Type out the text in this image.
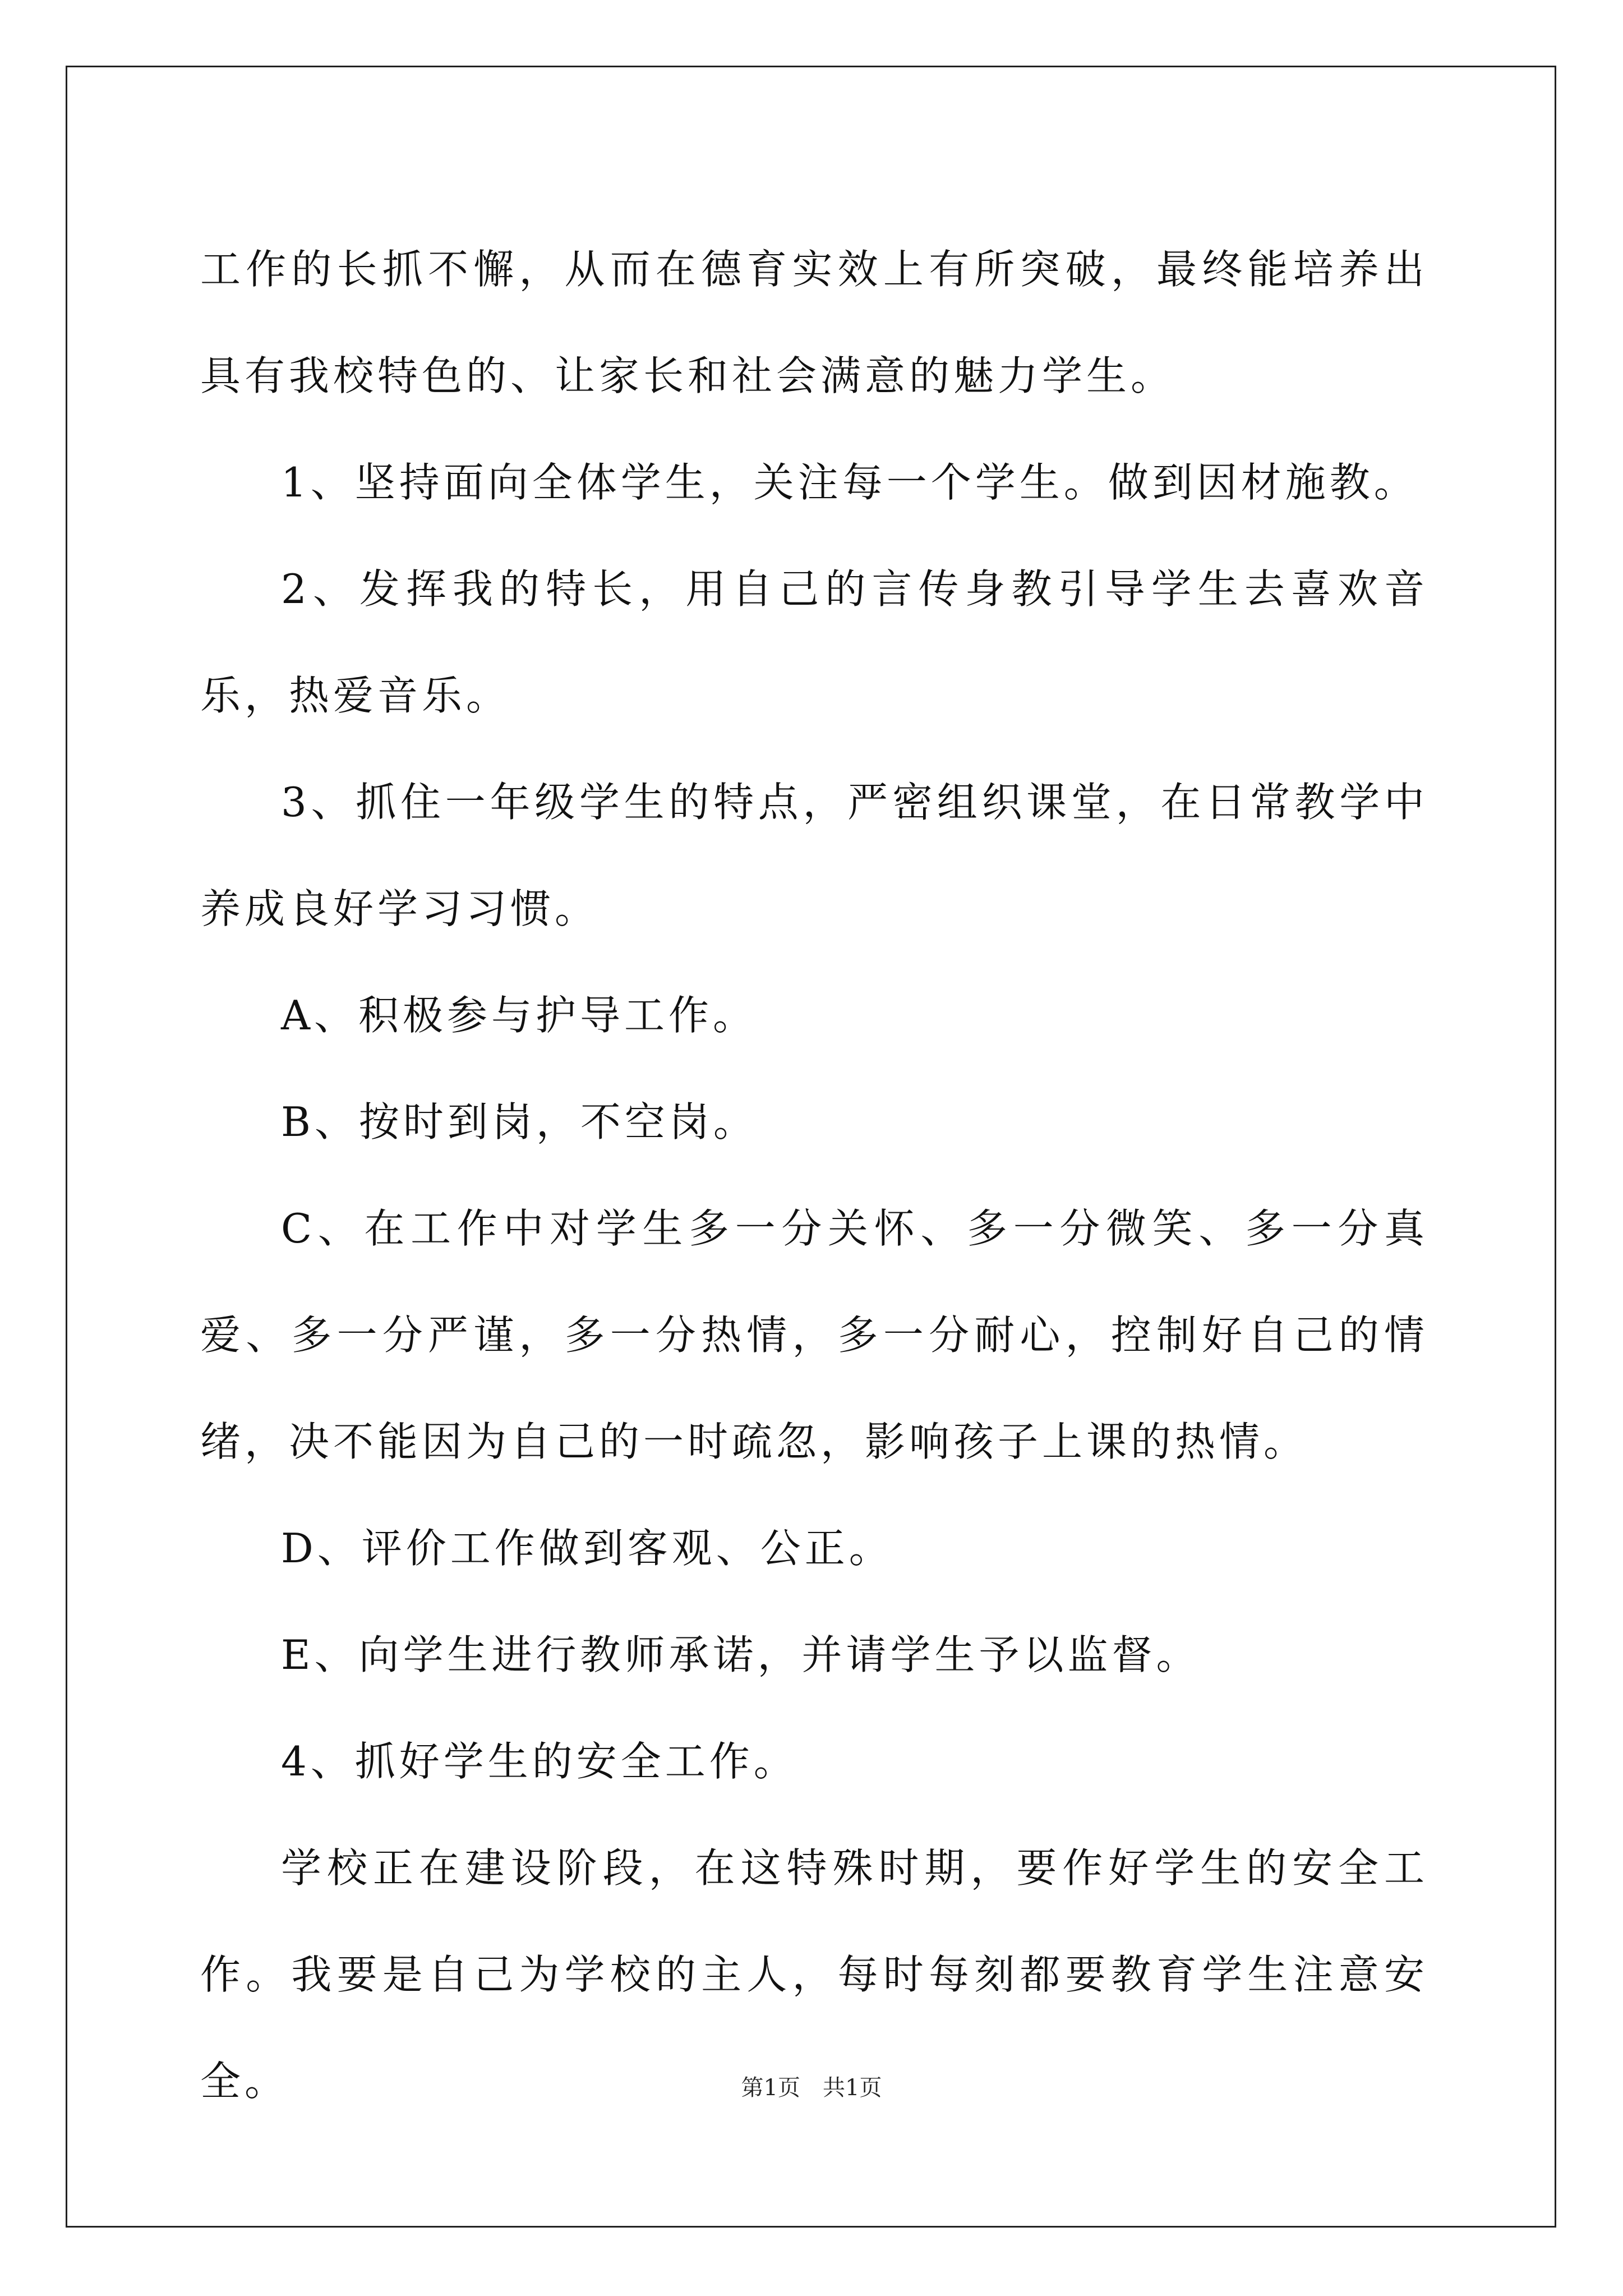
工作的长抓不懈，从而在德育实效上有所突破，最终能培养出具有我校特色的、让家长和社会满意的魅力学生。

1、坚持面向全体学生，关注每一个学生。做到因材施教。

2、发挥我的特长，用自己的言传身教引导学生去喜欢音乐，热爱音乐。

3、抓住一年级学生的特点，严密组织课堂，在日常教学中养成良好学习习惯。

A、积极参与护导工作。

B、按时到岗，不空岗。

C、在工作中对学生多一分关怀、多一分微笑、多一分真爱、多一分严谨，多一分热情，多一分耐心，控制好自己的情绪，决不能因为自己的一时疏忽，影响孩子上课的热情。

D、评价工作做到客观、公正。

E、向学生进行教师承诺，并请学生予以监督。

4、抓好学生的安全工作。

学校正在建设阶段，在这特殊时期，要作好学生的安全工作。我要是自己为学校的主人，每时每刻都要教育学生注意安全。	第1页　共1页
